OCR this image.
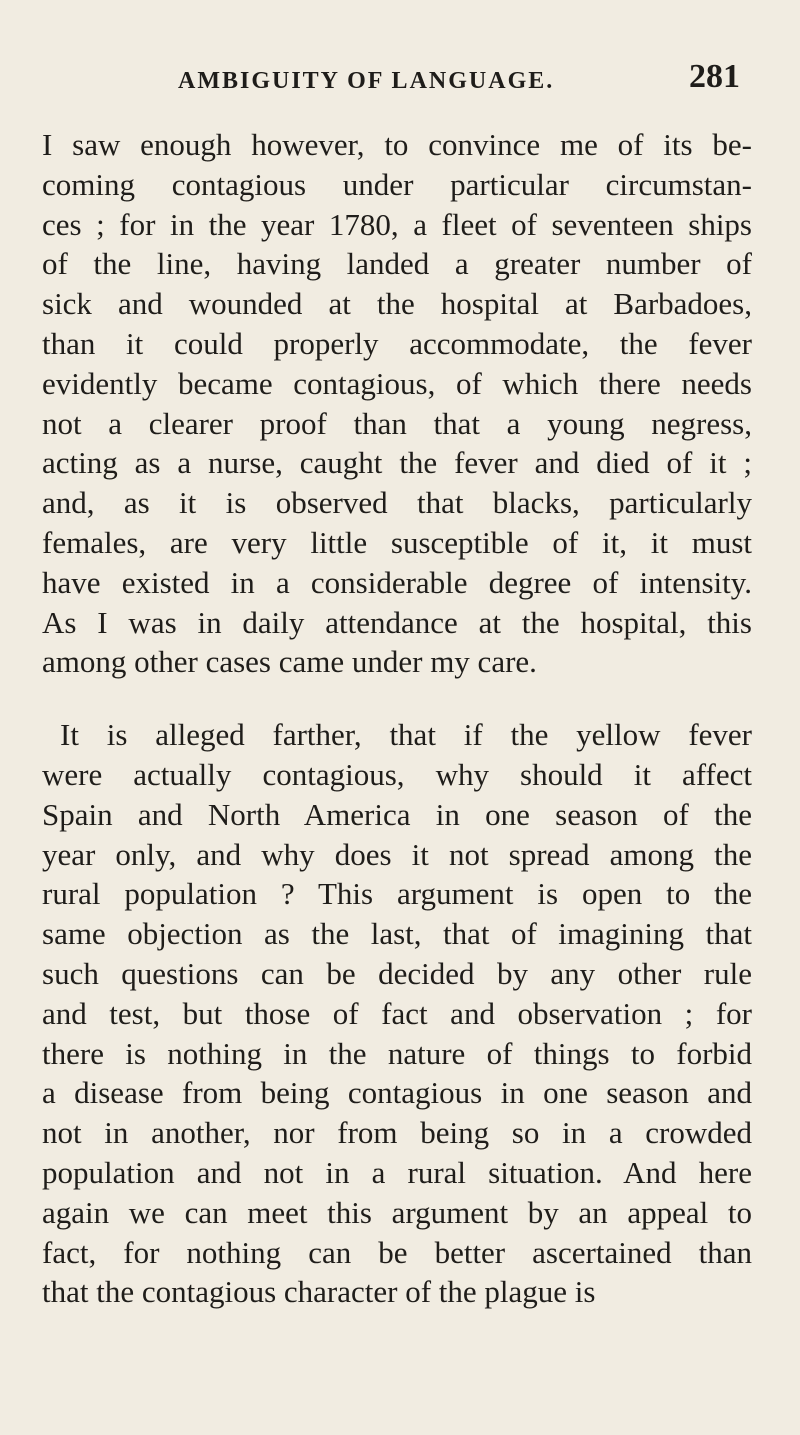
AMBIGUITY OF LANGUAGE.	281
I saw enough however, to convince me of its be-
coming contagious under particular circumstan-
ces ; for in the year 1780, a fleet of seventeen ships
of the line, having landed a greater number of
sick and wounded at the hospital at Barbadoes,
than it could properly accommodate, the fever
evidently became contagious, of which there needs
not a clearer proof than that a young negress,
acting as a nurse, caught the fever and died of it ;
and, as it is observed that blacks, particularly
females, are very little susceptible of it, it must
have existed in a considerable degree of intensity.
As I was in daily attendance at the hospital, this
among other cases came under my care.
It is alleged farther, that if the yellow fever
were actually contagious, why should it affect
Spain and North America in one season of the
year only, and why does it not spread among the
rural population ? This argument is open to the
same objection as the last, that of imagining that
such questions can be decided by any other rule
and test, but those of fact and observation ; for
there is nothing in the nature of things to forbid
a disease from being contagious in one season and
not in another, nor from being so in a crowded
population and not in a rural situation. And here
again we can meet this argument by an appeal to
fact, for nothing can be better ascertained than
that the contagious character of the plague is
